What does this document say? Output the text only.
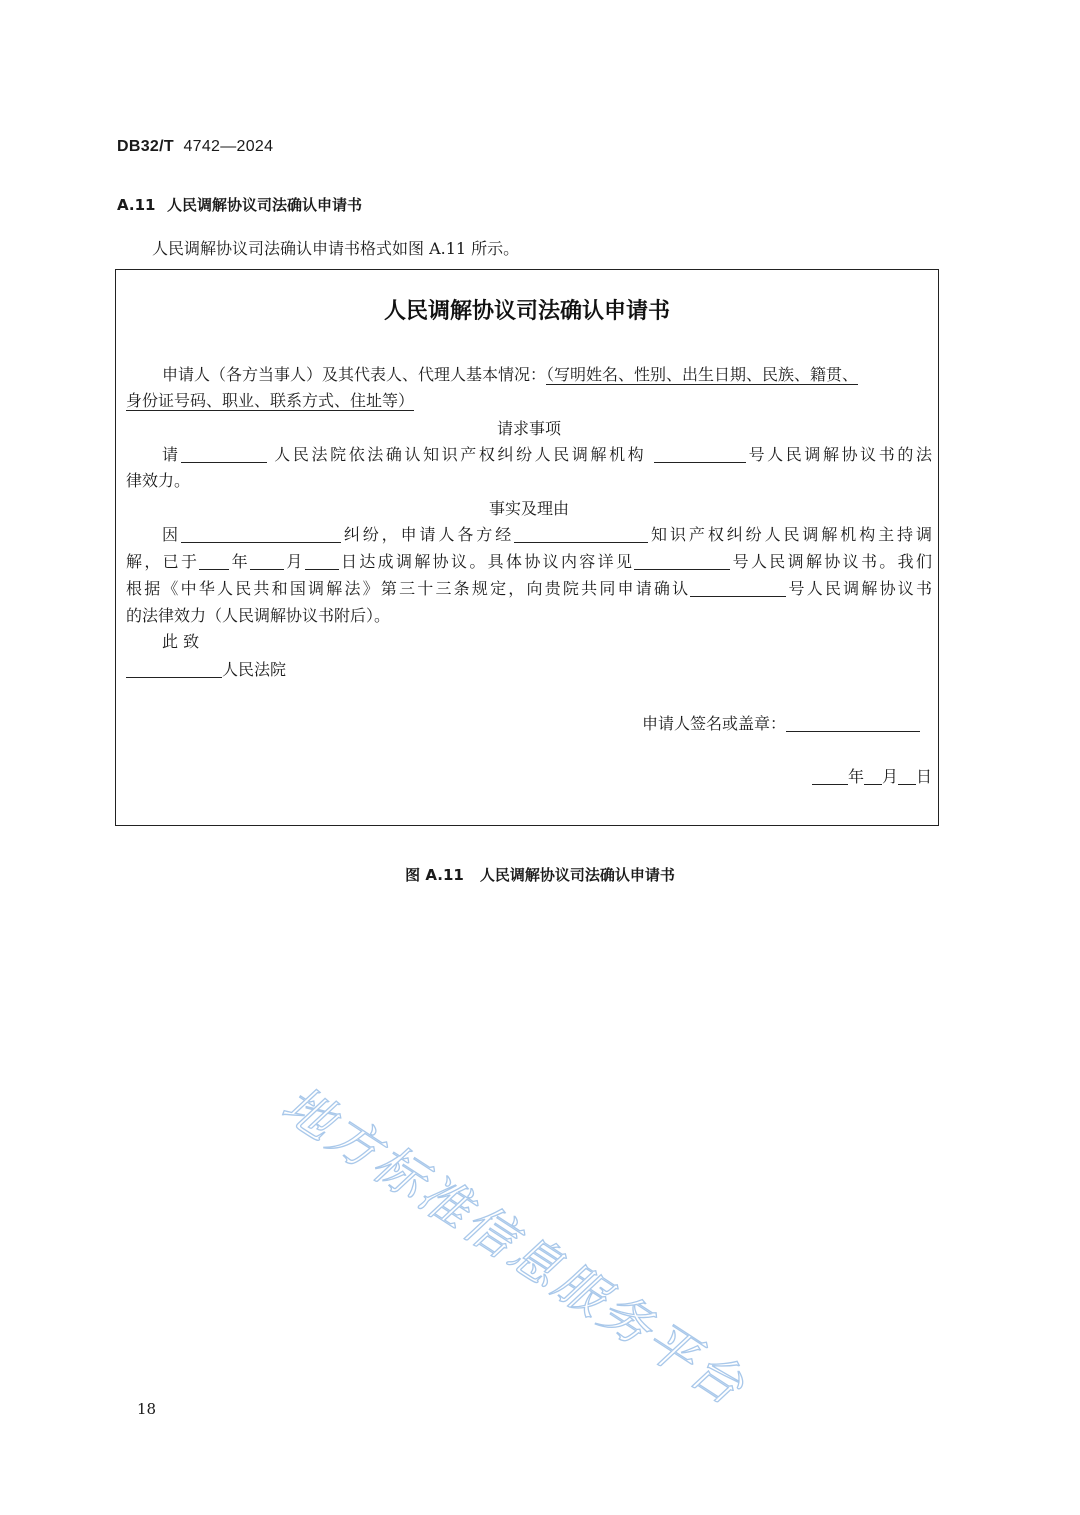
DB32/T 4742—2024
A.11 人民调解协议司法确认申请书
人民调解协议司法确认申请书格式如图 A.11 所示。
人民调解协议司法确认申请书
申请人（各方当事人）及其代表人、代理人基本情况：（写明姓名、性别、出生日期、民族、籍贯、
身份证号码、职业、联系方式、住址等）
请求事项
请	人民法院依法确认知识产权纠纷人民调解机构	号人民调解协议书的法
律效力。
事实及理由
因	纠纷，申请人各方经	知识产权纠纷人民调解机构主持调
解，已于 年 月 日达成调解协议。具体协议内容详见	号人民调解协议书。我们
根据《中华人民共和国调解法》第三十三条规定，向贵院共同申请确认	号人民调解协议书
的法律效力（人民调解协议书附后）。
此 致
人民法院
申请人签名或盖章：
年 月 日
图 A.11 人民调解协议司法确认申请书
地方标准信息服务平台
18
